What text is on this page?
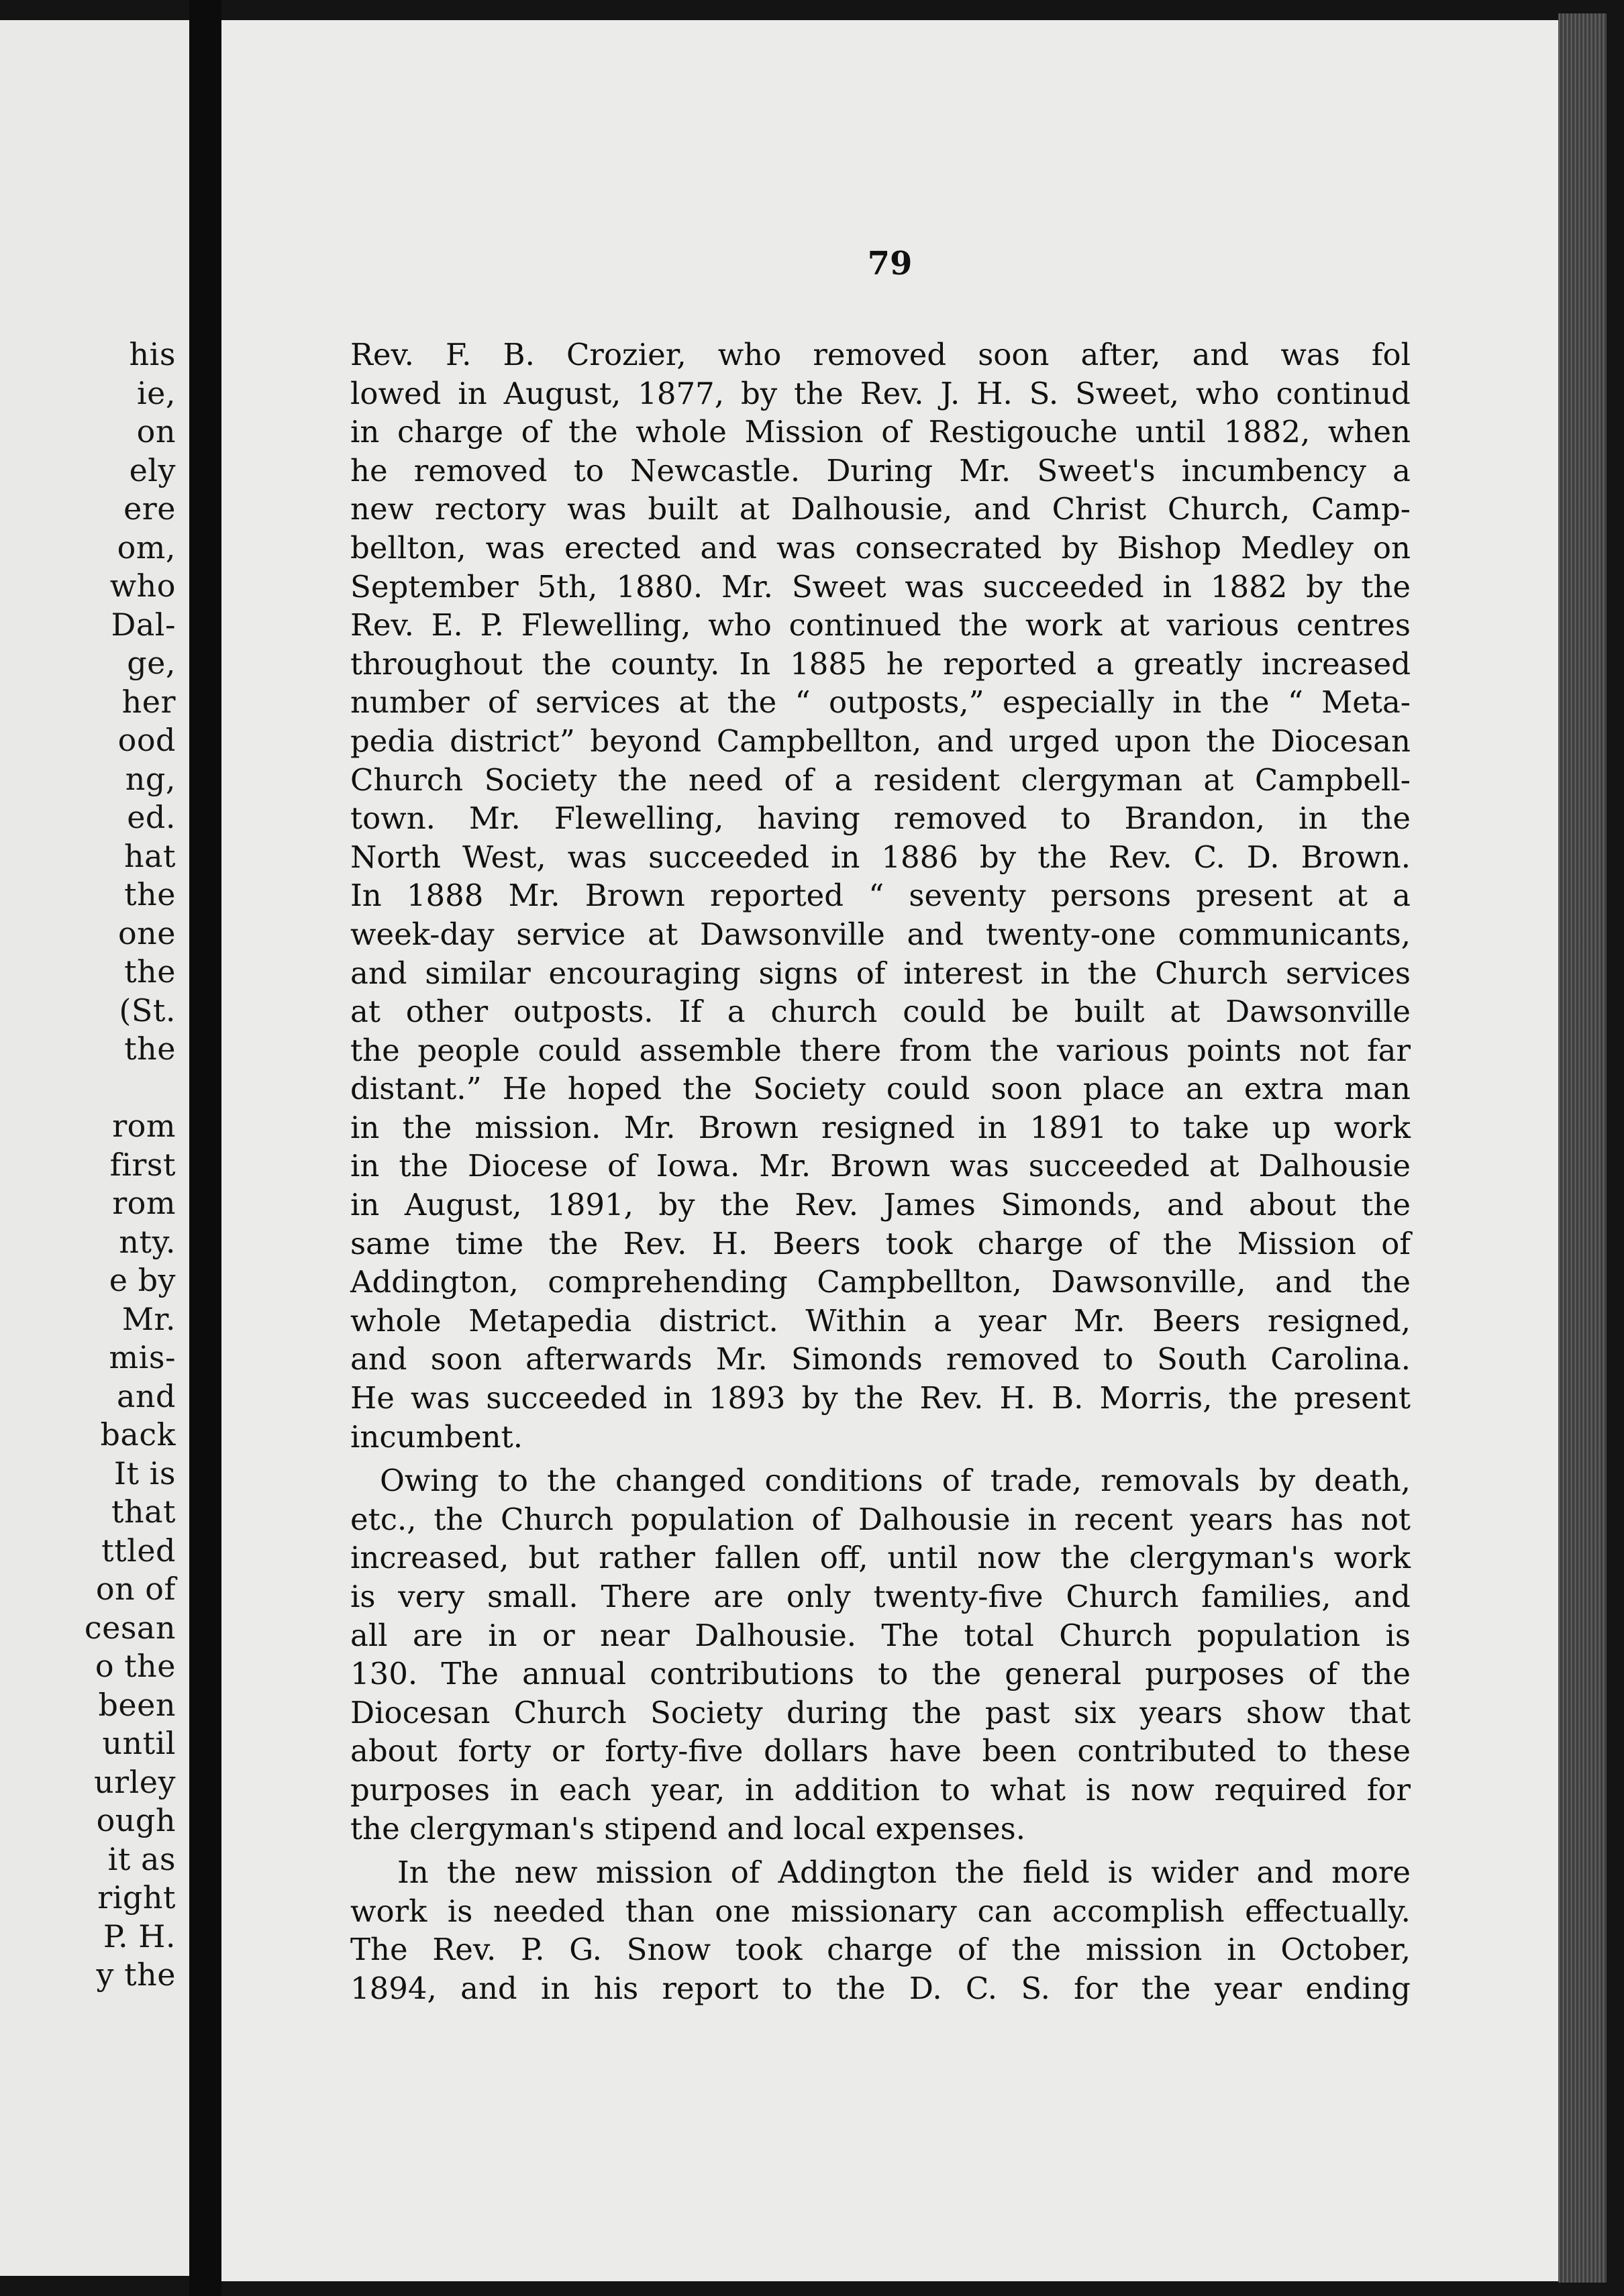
his
ie,
on
ely
ere
om,
who
Dal-
ge,
her
ood
ng,
ed.
hat
the
one
the
(St.
the
rom
first
rom
nty.
e by
Mr.
mis-
and
back
It is
that
ttled
on of
cesan
o the
been
until
urley
ough
it as
right
P. H.
y the
79
Rev. F. B. Crozier, who removed soon after, and was fol
lowed in August, 1877, by the Rev. J. H. S. Sweet, who continud
in charge of the whole Mission of Restigouche until 1882, when
he removed to Newcastle. During Mr. Sweet's incumbency a
new rectory was built at Dalhousie, and Christ Church, Camp-
bellton, was erected and was consecrated by Bishop Medley on
September 5th, 1880. Mr. Sweet was succeeded in 1882 by the
Rev. E. P. Flewelling, who continued the work at various centres
throughout the county. In 1885 he reported a greatly increased
number of services at the “ outposts,” especially in the “ Meta-
pedia district” beyond Campbellton, and urged upon the Diocesan
Church Society the need of a resident clergyman at Campbell-
town. Mr. Flewelling, having removed to Brandon, in the
North West, was succeeded in 1886 by the Rev. C. D. Brown.
In 1888 Mr. Brown reported “ seventy persons present at a
week-day service at Dawsonville and twenty-one communicants,
and similar encouraging signs of interest in the Church services
at other outposts. If a church could be built at Dawsonville
the people could assemble there from the various points not far
distant.” He hoped the Society could soon place an extra man
in the mission. Mr. Brown resigned in 1891 to take up work
in the Diocese of Iowa. Mr. Brown was succeeded at Dalhousie
in August, 1891, by the Rev. James Simonds, and about the
same time the Rev. H. Beers took charge of the Mission of
Addington, comprehending Campbellton, Dawsonville, and the
whole Metapedia district. Within a year Mr. Beers resigned,
and soon afterwards Mr. Simonds removed to South Carolina.
He was succeeded in 1893 by the Rev. H. B. Morris, the present
incumbent.
Owing to the changed conditions of trade, removals by death,
etc., the Church population of Dalhousie in recent years has not
increased, but rather fallen off, until now the clergyman's work
is very small. There are only twenty-five Church families, and
all are in or near Dalhousie. The total Church population is
130. The annual contributions to the general purposes of the
Diocesan Church Society during the past six years show that
about forty or forty-five dollars have been contributed to these
purposes in each year, in addition to what is now required for
the clergyman's stipend and local expenses.
In the new mission of Addington the field is wider and more
work is needed than one missionary can accomplish effectually.
The Rev. P. G. Snow took charge of the mission in October,
1894, and in his report to the D. C. S. for the year ending
